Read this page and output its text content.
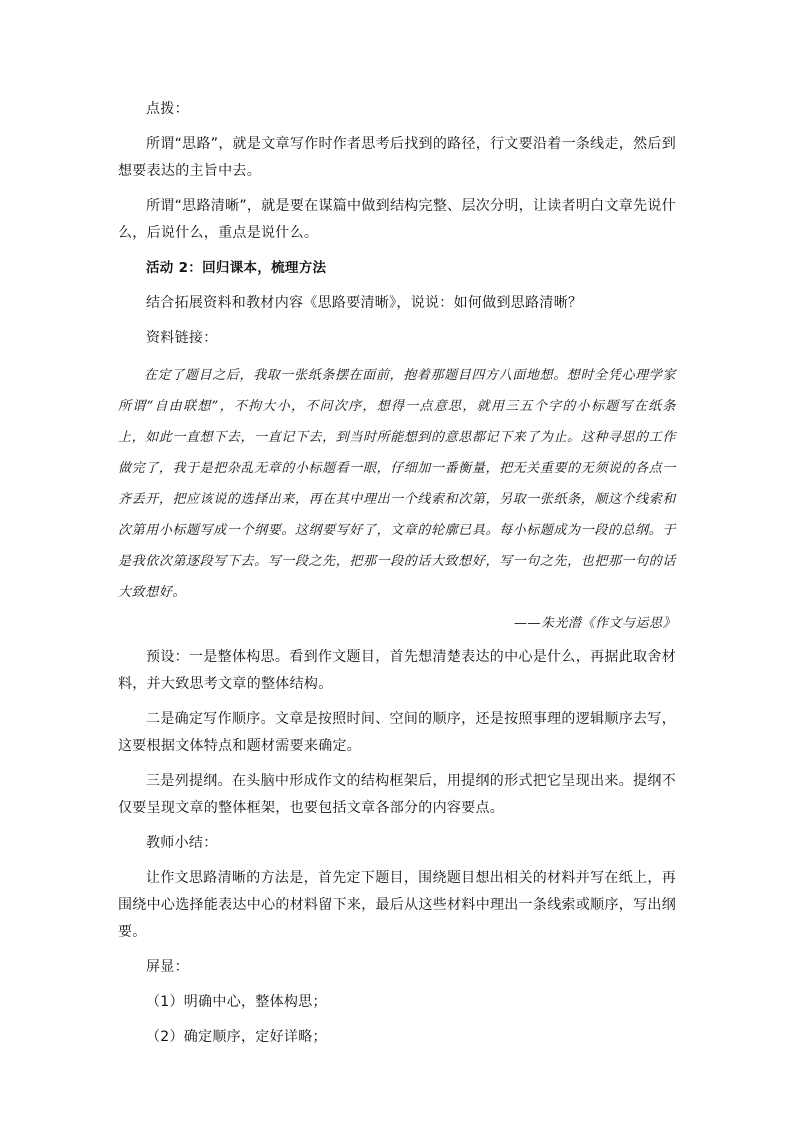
点拨：

所谓“思路”，就是文章写作时作者思考后找到的路径，行文要沿着一条线走，然后到想要表达的主旨中去。

所谓“思路清晰”，就是要在谋篇中做到结构完整、层次分明，让读者明白文章先说什么，后说什么，重点是说什么。

活动 2：回归课本，梳理方法

结合拓展资料和教材内容《思路要清晰》，说说：如何做到思路清晰？

资料链接：

在定了题目之后，我取一张纸条摆在面前，抱着那题目四方八面地想。想时全凭心理学家所谓“自由联想”，不拘大小，不问次序，想得一点意思，就用三五个字的小标题写在纸条上，如此一直想下去，一直记下去，到当时所能想到的意思都记下来了为止。这种寻思的工作做完了，我于是把杂乱无章的小标题看一眼，仔细加一番衡量，把无关重要的无须说的各点一齐丢开，把应该说的选择出来，再在其中理出一个线索和次第，另取一张纸条，顺这个线索和次第用小标题写成一个纲要。这纲要写好了，文章的轮廓已具。每小标题成为一段的总纲。于是我依次第逐段写下去。写一段之先，把那一段的话大致想好，写一句之先，也把那一句的话大致想好。

——朱光潜《作文与运思》

预设：一是整体构思。看到作文题目，首先想清楚表达的中心是什么，再据此取舍材料，并大致思考文章的整体结构。

二是确定写作顺序。文章是按照时间、空间的顺序，还是按照事理的逻辑顺序去写，这要根据文体特点和题材需要来确定。

三是列提纲。在头脑中形成作文的结构框架后，用提纲的形式把它呈现出来。提纲不仅要呈现文章的整体框架，也要包括文章各部分的内容要点。

教师小结：

让作文思路清晰的方法是，首先定下题目，围绕题目想出相关的材料并写在纸上，再围绕中心选择能表达中心的材料留下来，最后从这些材料中理出一条线索或顺序，写出纲要。

屏显：

（1）明确中心，整体构思；

（2）确定顺序，定好详略；
